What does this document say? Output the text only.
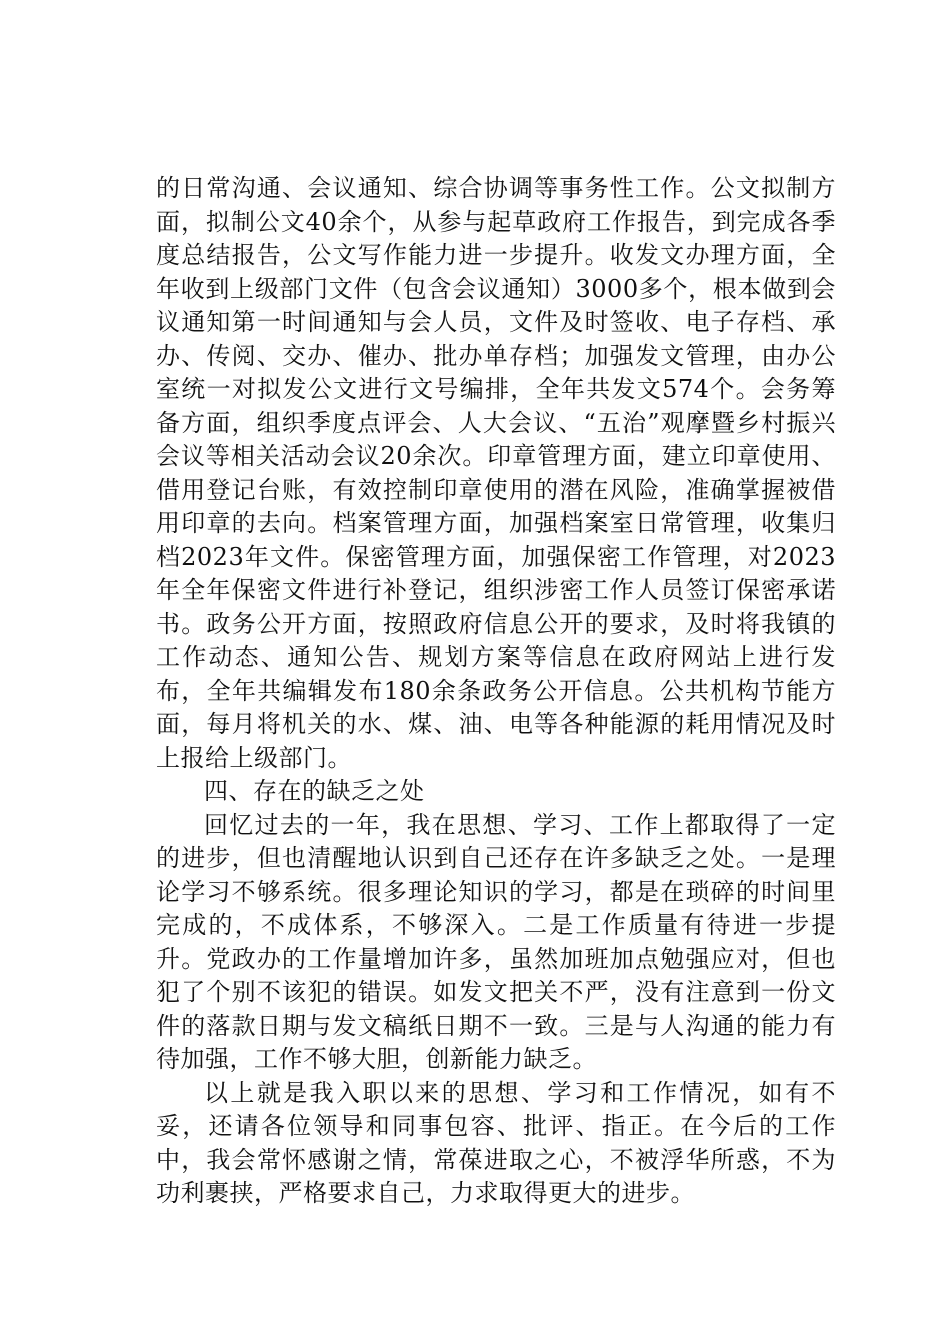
的日常沟通、会议通知、综合协调等事务性工作。公文拟制方面，拟制公文40余个，从参与起草政府工作报告，到完成各季度总结报告，公文写作能力进一步提升。收发文办理方面，全年收到上级部门文件（包含会议通知）3000多个，根本做到会议通知第一时间通知与会人员，文件及时签收、电子存档、承办、传阅、交办、催办、批办单存档；加强发文管理，由办公室统一对拟发公文进行文号编排，全年共发文574个。会务筹备方面，组织季度点评会、人大会议、“五治”观摩暨乡村振兴会议等相关活动会议20余次。印章管理方面，建立印章使用、借用登记台账，有效控制印章使用的潜在风险，准确掌握被借用印章的去向。档案管理方面，加强档案室日常管理，收集归档2023年文件。保密管理方面，加强保密工作管理，对2023年全年保密文件进行补登记，组织涉密工作人员签订保密承诺书。政务公开方面，按照政府信息公开的要求，及时将我镇的工作动态、通知公告、规划方案等信息在政府网站上进行发布，全年共编辑发布180余条政务公开信息。公共机构节能方面，每月将机关的水、煤、油、电等各种能源的耗用情况及时上报给上级部门。

四、存在的缺乏之处

回忆过去的一年，我在思想、学习、工作上都取得了一定的进步，但也清醒地认识到自己还存在许多缺乏之处。一是理论学习不够系统。很多理论知识的学习，都是在琐碎的时间里完成的，不成体系，不够深入。二是工作质量有待进一步提升。党政办的工作量增加许多，虽然加班加点勉强应对，但也犯了个别不该犯的错误。如发文把关不严，没有注意到一份文件的落款日期与发文稿纸日期不一致。三是与人沟通的能力有待加强，工作不够大胆，创新能力缺乏。

以上就是我入职以来的思想、学习和工作情况，如有不妥，还请各位领导和同事包容、批评、指正。在今后的工作中，我会常怀感谢之情，常葆进取之心，不被浮华所惑，不为功利裹挟，严格要求自己，力求取得更大的进步。
